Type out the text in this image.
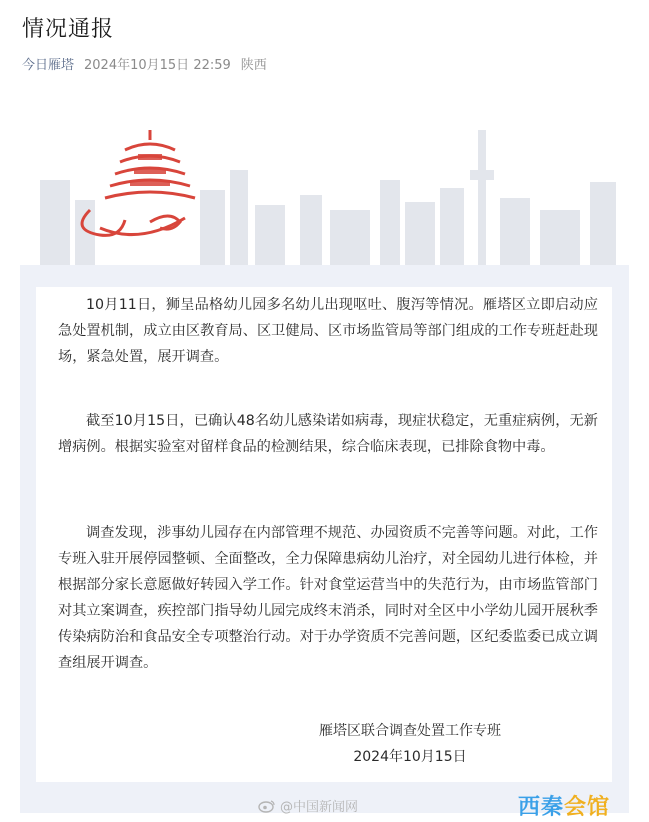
情况通报
今日雁塔 2024年10月15日 22:59 陕西

10月11日，狮呈品格幼儿园多名幼儿出现呕吐、腹泻等情况。雁塔区立即启动应急处置机制，成立由区教育局、区卫健局、区市场监管局等部门组成的工作专班赶赴现场，紧急处置，展开调查。

截至10月15日，已确认48名幼儿感染诺如病毒，现症状稳定，无重症病例，无新增病例。根据实验室对留样食品的检测结果，综合临床表现，已排除食物中毒。

调查发现，涉事幼儿园存在内部管理不规范、办园资质不完善等问题。对此，工作专班入驻开展停园整顿、全面整改，全力保障患病幼儿治疗，对全园幼儿进行体检，并根据部分家长意愿做好转园入学工作。针对食堂运营当中的失范行为，由市场监管部门对其立案调查，疾控部门指导幼儿园完成终末消杀，同时对全区中小学幼儿园开展秋季传染病防治和食品安全专项整治行动。对于办学资质不完善问题，区纪委监委已成立调查组展开调查。

雁塔区联合调查处置工作专班
2024年10月15日
@中国新闻网	西秦会馆
